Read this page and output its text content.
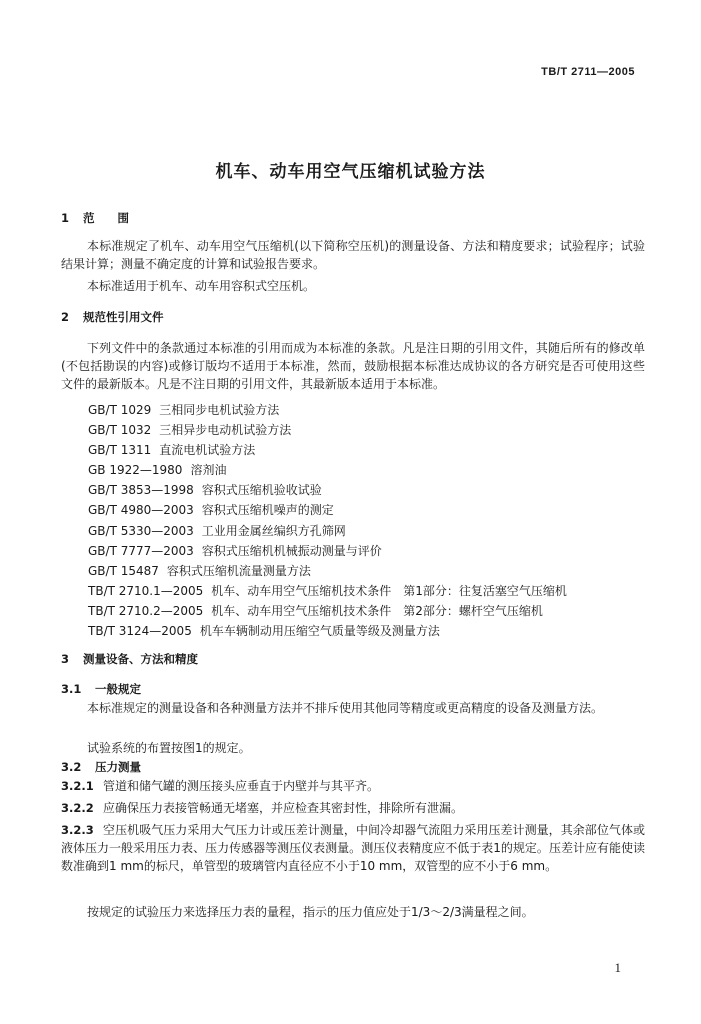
TB/T 2711—2005
机车、动车用空气压缩机试验方法
1 范　　围
本标准规定了机车、动车用空气压缩机(以下简称空压机)的测量设备、方法和精度要求；试验程序；试验结果计算；测量不确定度的计算和试验报告要求。
本标准适用于机车、动车用容积式空压机。
2 规范性引用文件
下列文件中的条款通过本标准的引用而成为本标准的条款。凡是注日期的引用文件，其随后所有的修改单(不包括勘误的内容)或修订版均不适用于本标准，然而，鼓励根据本标准达成协议的各方研究是否可使用这些文件的最新版本。凡是不注日期的引用文件，其最新版本适用于本标准。
GB/T 1029 三相同步电机试验方法
GB/T 1032 三相异步电动机试验方法
GB/T 1311 直流电机试验方法
GB 1922—1980 溶剂油
GB/T 3853—1998 容积式压缩机验收试验
GB/T 4980—2003 容积式压缩机噪声的测定
GB/T 5330—2003 工业用金属丝编织方孔筛网
GB/T 7777—2003 容积式压缩机机械振动测量与评价
GB/T 15487 容积式压缩机流量测量方法
TB/T 2710.1—2005 机车、动车用空气压缩机技术条件　第1部分：往复活塞空气压缩机
TB/T 2710.2—2005 机车、动车用空气压缩机技术条件　第2部分：螺杆空气压缩机
TB/T 3124—2005 机车车辆制动用压缩空气质量等级及测量方法
3 测量设备、方法和精度
3.1 一般规定
本标准规定的测量设备和各种测量方法并不排斥使用其他同等精度或更高精度的设备及测量方法。
试验系统的布置按图1的规定。
3.2 压力测量
3.2.1 管道和储气罐的测压接头应垂直于内壁并与其平齐。
3.2.2 应确保压力表接管畅通无堵塞，并应检查其密封性，排除所有泄漏。
3.2.3 空压机吸气压力采用大气压力计或压差计测量，中间冷却器气流阻力采用压差计测量，其余部位气体或液体压力一般采用压力表、压力传感器等测压仪表测量。测压仪表精度应不低于表1的规定。压差计应有能使读数准确到1 mm的标尺，单管型的玻璃管内直径应不小于10 mm，双管型的应不小于6 mm。
按规定的试验压力来选择压力表的量程，指示的压力值应处于1/3～2/3满量程之间。
1
